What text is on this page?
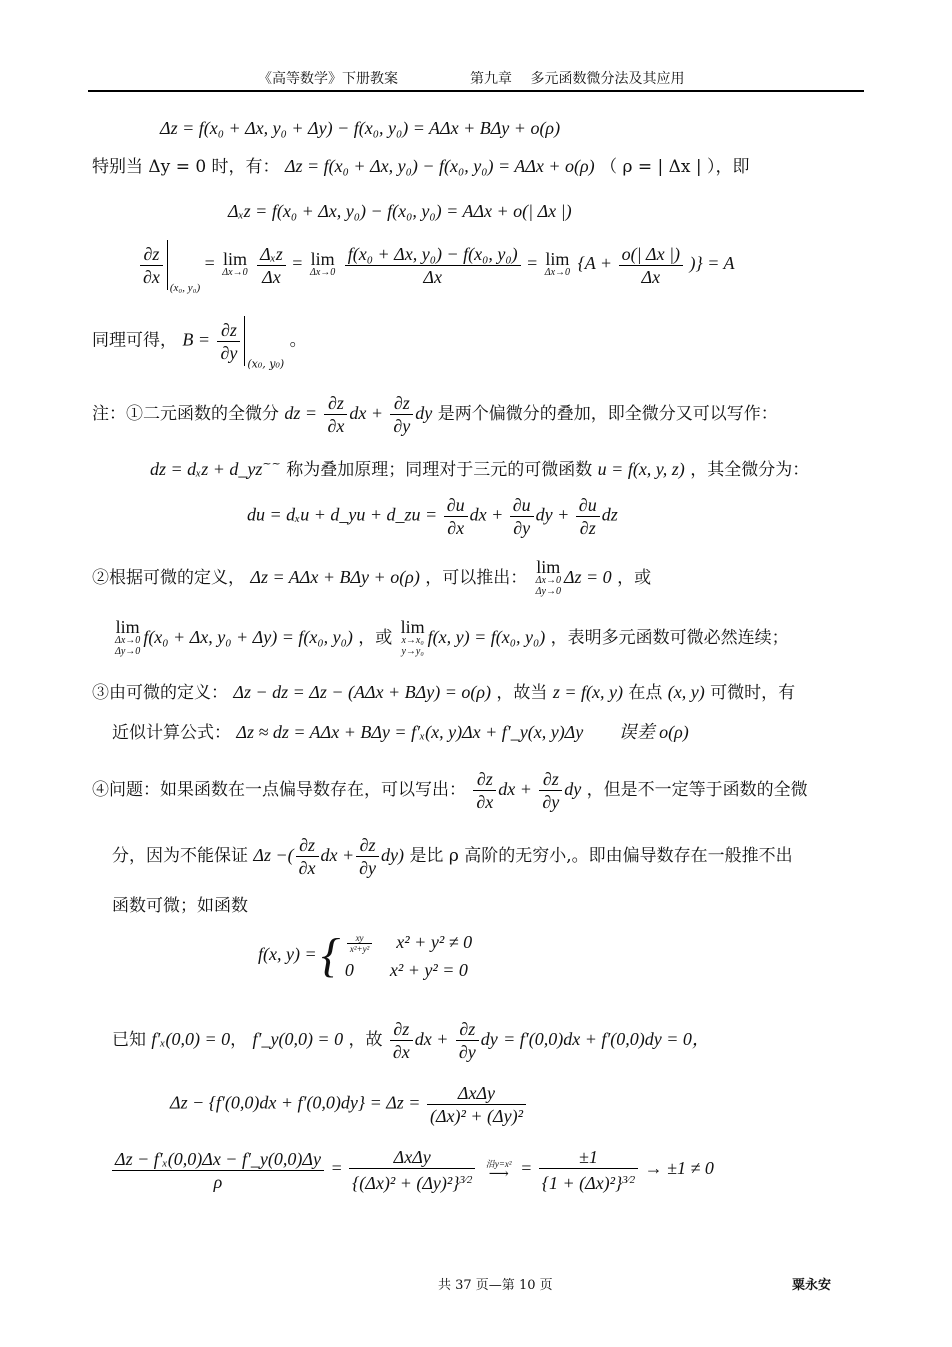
《高等数学》下册教案	第九章　 多元函数微分法及其应用
Δz = f(x₀ + Δx, y₀ + Δy) − f(x₀, y₀) = AΔx + BΔy + o(ρ)
特别当 Δy = 0 时，有： Δz = f(x₀ + Δx, y₀) − f(x₀, y₀) = AΔx + o(ρ) （ ρ = | Δx | ），即
Δₓz = f(x₀ + Δx, y₀) − f(x₀, y₀) = AΔx + o(| Δx |)
$\frac{\partial z}{\partial x}$
$_{(x_0, y_0)}$ = lim
Δx→0
$\frac{\text{Δₓz}}{\Delta x} = \lim$
Δx→0
$\frac{\text{f(x₀ + Δx, y₀) − f(x₀, y₀)}}{\Delta x} = \lim$
Δx→0 {$A + \frac{o(| \Delta x |)}{\Delta x}$ )} = A
同理可得， $B = \frac{\partial z}{\partial y}$
$_{(x_0, y_0)}$ 。
注：①二元函数的全微分 dz = $\frac{\partial z}{\partial x}$ dx + $\frac{\partial z}{\partial y}$ dy 是两个偏微分的叠加，即全微分又可以写作：
dz = dₓz + d_yz~~ 称为叠加原理；同理对于三元的可微函数 u = f(x, y, z) ，其全微分为：
du = dₓu + d_yu + d_zu = $\frac{\partial u}{\partial x}$ dx + $\frac{\partial u}{\partial y}$ dy + $\frac{\partial u}{\partial z}$ dz
②根据可微的定义， Δz = AΔx + BΔy + o(ρ) ，可以推出： lim
Δx→0
Δy→0
Δz = 0 ，或
lim
Δx→0
Δy→0
f(x₀ + Δx, y₀ + Δy) = f(x₀, y₀) ，或 lim
x→x₀
y→y₀
f(x, y) = f(x₀, y₀) ，表明多元函数可微必然连续；
③由可微的定义： Δz − dz = Δz − (AΔx + BΔy) = o(ρ) ，故当 z = f(x, y) 在点 (x, y) 可微时，有
近似计算公式： Δz ≈ dz = AΔx + BΔy = f′ₓ(x, y)Δx + f′_y(x, y)Δy 误差 o(ρ)
④问题：如果函数在一点偏导数存在，可以写出： $\frac{\partial z}{\partial x}$ dx + $\frac{\partial z}{\partial y}$ dy ，但是不一定等于函数的全微
分，因为不能保证 Δz −( $\frac{\partial z}{\partial x}$ dx + $\frac{\partial z}{\partial y} dy$) 是比 ρ 高阶的无穷小,。即由偏导数存在一般推不出
函数可微；如函数
f(x, y) = { $\frac{xy}{\text{x²+y²}} x^2 + y^2 \ne 0$
0 x² + y² = 0
已知 f′ₓ(0,0) = 0， f′_y(0,0) = 0 ，故 $\frac{\partial z}{\partial x}$ dx + $\frac{\partial z}{\partial y}$ dy = f′(0,0)dx + f′(0,0)dy = 0，
$\Delta z - \{f'(0,0)dx + f'(0,0)dy\} = \Delta z = \frac{\text{ΔxΔy}}{\text{(Δx)² + (Δy)²}}$
$\frac{\text{Δz − f′ₓ(0,0)Δx − f′\_y(0,0)Δy}}{\rho} = \frac{\text{ΔxΔy}}{\{(\Delta x)^2 + (\Delta y)^2\}^{3⁄2}}$ 沿y=x²
⟶ = $\frac{\pm 1}{\{1 + (\Delta x)^2\}^{3⁄2}} \to \pm 1 \ne 0$
共 37 页—第 10 页	粟永安
